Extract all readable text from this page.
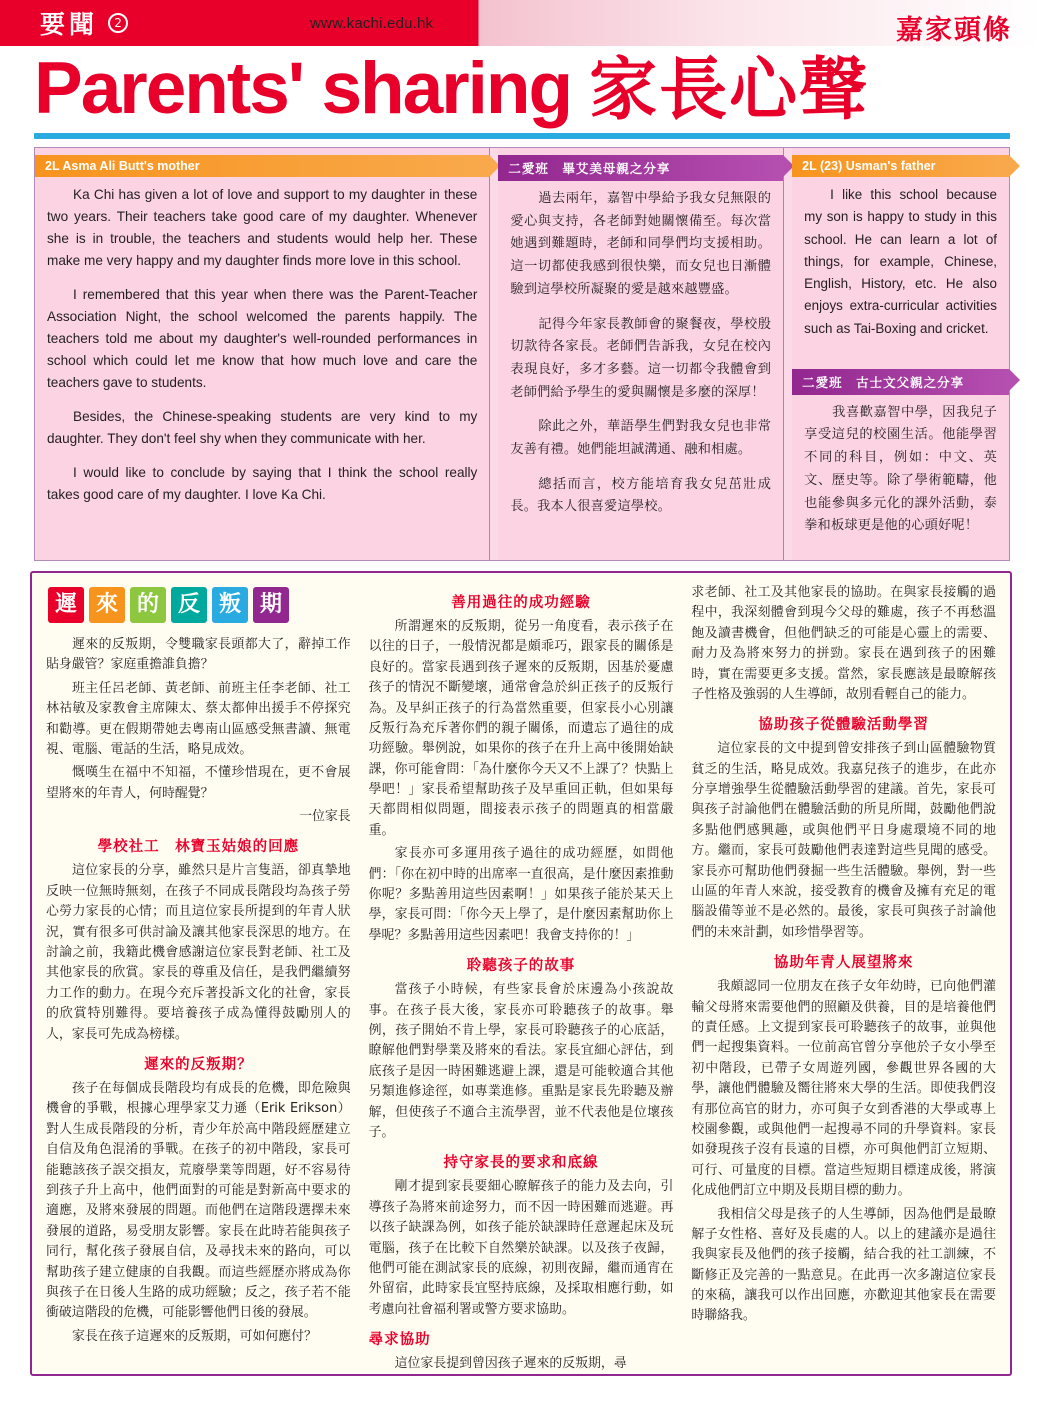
要聞	2	www.kachi.edu.hk	嘉家頭條
Parents' sharing 家長心聲
2L Asma Ali Butt's mother

Ka Chi has given a lot of love and support to my daughter in these two years. Their teachers take good care of my daughter. Whenever she is in trouble, the teachers and students would help her. These make me very happy and my daughter finds more love in this school.

I remembered that this year when there was the Parent-Teacher Association Night, the school welcomed the parents happily. The teachers told me about my daughter's well-rounded performances in school which could let me know that how much love and care the teachers gave to students.

Besides, the Chinese-speaking students are very kind to my daughter. They don't feel shy when they communicate with her.

I would like to conclude by saying that I think the school really takes good care of my daughter. I love Ka Chi.

二愛班　畢艾美母親之分享

過去兩年，嘉智中學給予我女兒無限的愛心與支持，各老師對她關懷備至。每次當她遇到難題時，老師和同學們均支援相助。這一切都使我感到很快樂，而女兒也日漸體驗到這學校所凝聚的愛是越來越豐盛。

記得今年家長教師會的聚餐夜，學校殷切款待各家長。老師們告訴我，女兒在校內表現良好，多才多藝。這一切都令我體會到老師們給予學生的愛與關懷是多麼的深厚！

除此之外，華語學生們對我女兒也非常友善有禮。她們能坦誠溝通、融和相處。

總括而言，校方能培育我女兒茁壯成長。我本人很喜愛這學校。

2L (23) Usman's father

I like this school because my son is happy to study in this school. He can learn a lot of things, for example, Chinese, English, History, etc. He also enjoys extra-curricular activities such as Tai-Boxing and cricket.

二愛班　古士文父親之分享

我喜歡嘉智中學，因我兒子享受這兒的校園生活。他能學習不同的科目，例如：中文、英文、歷史等。除了學術範疇，他也能參與多元化的課外活動，泰拳和板球更是他的心頭好呢！

遲 來 的 反 叛 期

遲來的反叛期，令雙職家長頭都大了，辭掉工作貼身嚴管？家庭重擔誰負擔？

班主任呂老師、黃老師、前班主任李老師、社工林祜敏及家教會主席陳太、蔡太都伸出援手不停探究和勸導。更在假期帶她去粵南山區感受無書讀、無電視、電腦、電話的生活，略見成效。

慨嘆生在福中不知福，不懂珍惜現在，更不會展望將來的年青人，何時醒覺？

一位家長

學校社工　林寶玉姑娘的回應

這位家長的分享，雖然只是片言隻語，卻真摯地反映一位無時無刻，在孩子不同成長階段均為孩子勞心勞力家長的心情；而且這位家長所提到的年青人狀況，實有很多可供討論及讓其他家長深思的地方。在討論之前，我籍此機會感謝這位家長對老師、社工及其他家長的欣賞。家長的尊重及信任，是我們繼續努力工作的動力。在現今充斥著投訴文化的社會，家長的欣賞特別難得。要培養孩子成為懂得鼓勵別人的人，家長可先成為榜樣。

遲來的反叛期？

孩子在每個成長階段均有成長的危機，即危險與機會的爭戰，根據心理學家艾力遜（Erik Erikson）對人生成長階段的分析，青少年於高中階段經歷建立自信及角色混淆的爭戰。在孩子的初中階段，家長可能聽該孩子誤交損友，荒廢學業等問題，好不容易待到孩子升上高中，他們面對的可能是對新高中要求的適應，及將來發展的問題。而他們在這階段選擇未來發展的道路，易受朋友影響。家長在此時若能與孩子同行，幫化孩子發展自信，及尋找未來的路向，可以幫助孩子建立健康的自我觀。而這些經歷亦將成為你與孩子在日後人生路的成功經驗；反之，孩子若不能衝破這階段的危機，可能影響他們日後的發展。

家長在孩子這遲來的反叛期，可如何應付？

善用過往的成功經驗

所謂遲來的反叛期，從另一角度看，表示孩子在以往的日子，一般情況都是頗乖巧，跟家長的關係是良好的。當家長遇到孩子遲來的反叛期，因基於憂慮孩子的情況不斷變壞，通常會急於糾正孩子的反叛行為。及早糾正孩子的行為當然重要，但家長小心別讓反叛行為充斥著你們的親子關係，而遺忘了過往的成功經驗。舉例說，如果你的孩子在升上高中後開始缺課，你可能會問：「為什麼你今天又不上課了？快點上學吧！」家長希望幫助孩子及早重回正軌，但如果每天都問相似問題，間接表示孩子的問題真的相當嚴重。

家長亦可多運用孩子過往的成功經歷，如問他們：「你在初中時的出席率一直很高，是什麼因素推動你呢？多點善用這些因素啊！」如果孩子能於某天上學，家長可問：「你今天上學了，是什麼因素幫助你上學呢？多點善用這些因素吧！我會支持你的！」

聆聽孩子的故事

當孩子小時候，有些家長會於床邊為小孩說故事。在孩子長大後，家長亦可聆聽孩子的故事。舉例，孩子開始不肯上學，家長可聆聽孩子的心底話，瞭解他們對學業及將來的看法。家長宜細心評估，到底孩子是因一時困難逃避上課，還是可能較適合其他另類進修途徑，如專業進修。重點是家長先聆聽及辦解，但使孩子不適合主流學習，並不代表他是位壞孩子。

持守家長的要求和底線

剛才提到家長要細心瞭解孩子的能力及去向，引導孩子為將來前途努力，而不因一時困難而逃避。再以孩子缺課為例，如孩子能於缺課時任意遲起床及玩電腦，孩子在比較下自然樂於缺課。以及孩子夜歸，他們可能在測試家長的底線，初則夜歸，繼而通宵在外留宿，此時家長宜堅持底線，及採取相應行動，如考慮向社會福利署或警方要求協助。

尋求協助

這位家長提到曾因孩子遲來的反叛期，尋

求老師、社工及其他家長的協助。在與家長接觸的過程中，我深刻體會到現今父母的難處，孩子不再愁溫飽及讀書機會，但他們缺乏的可能是心靈上的需要、耐力及為將來努力的拼勁。家長在遇到孩子的困難時，實在需要更多支援。當然，家長應該是最瞭解孩子性格及強弱的人生導師，故別看輕自己的能力。

協助孩子從體驗活動學習

這位家長的文中提到曾安排孩子到山區體驗物質貧乏的生活，略見成效。我嘉兒孩子的進步，在此亦分享增強學生從體驗活動學習的建議。首先，家長可與孩子討論他們在體驗活動的所見所聞，鼓勵他們說多點他們感興趣，或與他們平日身處環境不同的地方。繼而，家長可鼓勵他們表達對這些見聞的感受。家長亦可幫助他們發掘一些生活體驗。舉例，對一些山區的年青人來說，接受教育的機會及擁有充足的電腦設備等並不是必然的。最後，家長可與孩子討論他們的未來計劃，如珍惜學習等。

協助年青人展望將來

我頗認同一位朋友在孩子女年幼時，已向他們灌輸父母將來需要他們的照顧及供養，目的是培養他們的責任感。上文提到家長可聆聽孩子的故事，並與他們一起搜集資料。一位前高官曾分享他於子女小學至初中階段，已帶子女周遊列國，參觀世界各國的大學，讓他們體驗及嚮往將來大學的生活。即使我們沒有那位高官的財力，亦可與子女到香港的大學或專上校園參觀，或與他們一起搜尋不同的升學資料。家長如發現孩子沒有長遠的目標，亦可與他們訂立短期、可行、可量度的目標。當這些短期目標達成後，將演化成他們訂立中期及長期目標的動力。

我相信父母是孩子的人生導師，因為他們是最瞭解子女性格、喜好及長處的人。以上的建議亦是過往我與家長及他們的孩子接觸，結合我的社工訓練，不斷修正及完善的一點意見。在此再一次多謝這位家長的來稿，讓我可以作出回應，亦歡迎其他家長在需要時聯絡我。
